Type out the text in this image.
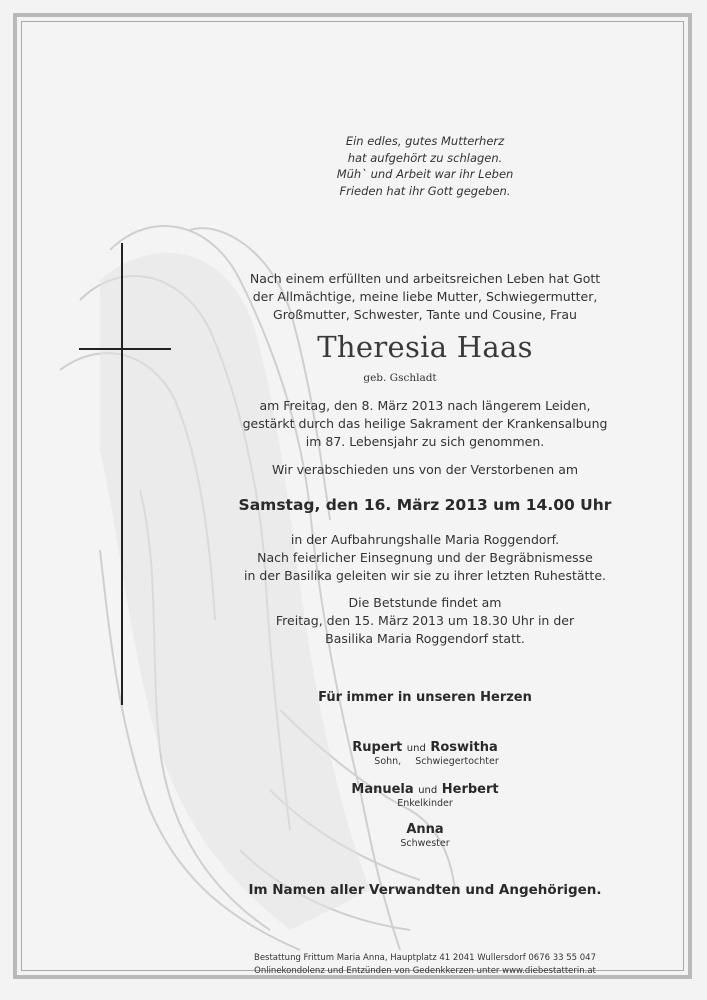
Ein edles, gutes Mutterherz
hat aufgehört zu schlagen.
Müh` und Arbeit war ihr Leben
Frieden hat ihr Gott gegeben.
Nach einem erfüllten und arbeitsreichen Leben hat Gott
der Allmächtige, meine liebe Mutter, Schwiegermutter,
Großmutter, Schwester, Tante und Cousine, Frau
Theresia Haas
geb. Gschladt
am Freitag, den 8. März 2013 nach längerem Leiden,
gestärkt durch das heilige Sakrament der Krankensalbung
im 87. Lebensjahr zu sich genommen.
Wir verabschieden uns von der Verstorbenen am
Samstag, den 16. März 2013 um 14.00 Uhr
in der Aufbahrungshalle Maria Roggendorf.
Nach feierlicher Einsegnung und der Begräbnismesse
in der Basilika geleiten wir sie zu ihrer letzten Ruhestätte.
Die Betstunde findet am
Freitag, den 15. März 2013 um 18.30 Uhr in der
Basilika Maria Roggendorf statt.
Für immer in unseren Herzen
Rupert und Roswitha
Sohn, Schwiegertochter
Manuela und Herbert
Enkelkinder
Anna
Schwester
Im Namen aller Verwandten und Angehörigen.
Bestattung Frittum Maria Anna, Hauptplatz 41 2041 Wullersdorf 0676 33 55 047
Onlinekondolenz und Entzünden von Gedenkkerzen unter www.diebestatterin.at
